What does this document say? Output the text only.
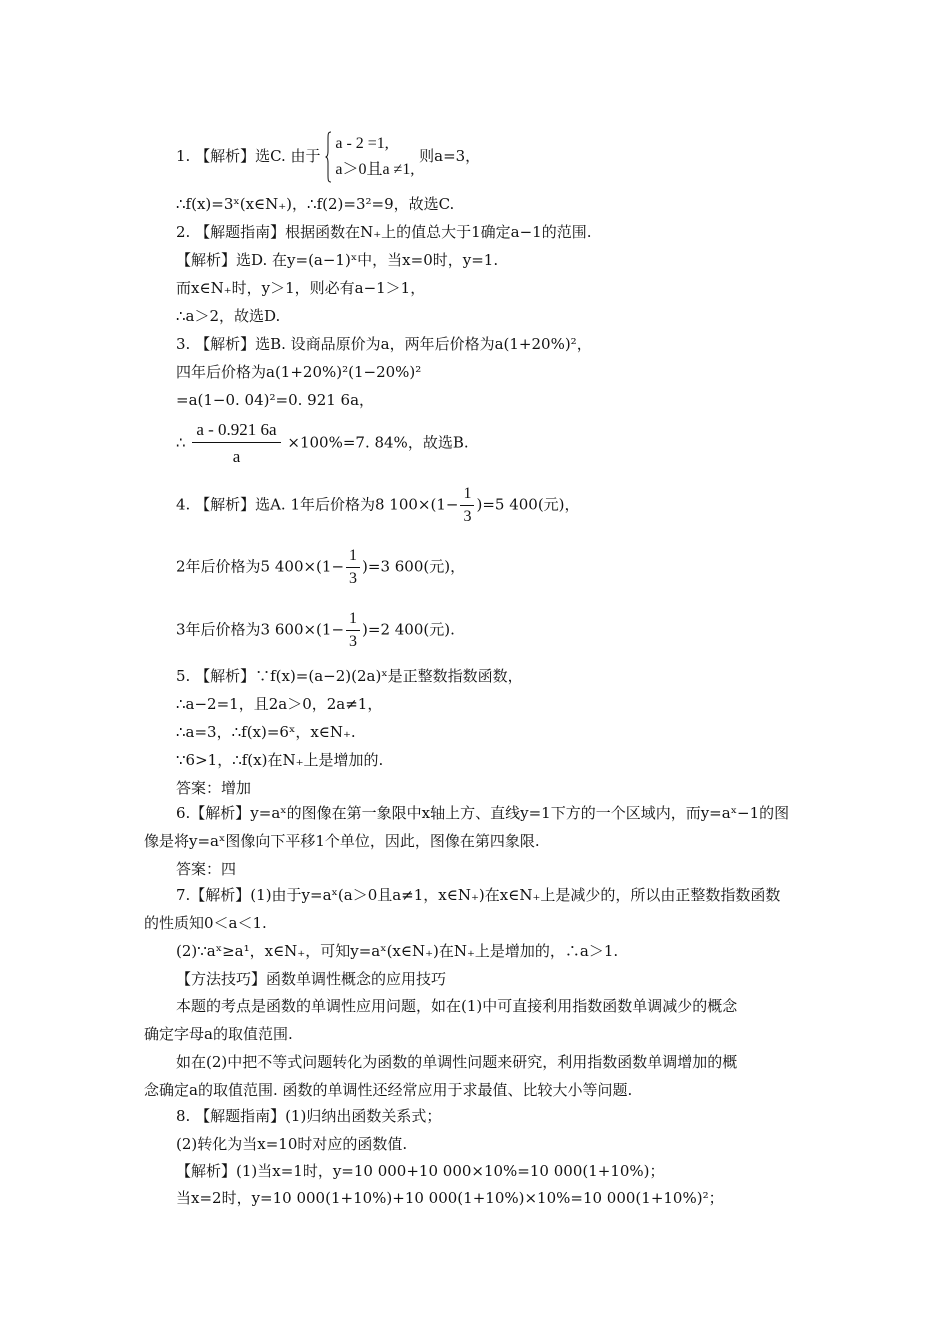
1. 【解析】选C. 由于
a - 2 =1,
a＞0且a ≠1,
则a=3，
∴f(x)=3ˣ(x∈N₊)，∴f(2)=3²=9，故选C.
2. 【解题指南】根据函数在N₊上的值总大于1确定a−1的范围.
【解析】选D. 在y=(a−1)ˣ中，当x=0时，y=1.
而x∈N₊时，y＞1，则必有a−1＞1，
∴a＞2，故选D.
3. 【解析】选B. 设商品原价为a，两年后价格为a(1+20%)²，
四年后价格为a(1+20%)²(1−20%)²
=a(1−0. 04)²=0. 921 6a，
∴ $\frac{a - 0.921 6a}{a} \times 100\%=7$. 84%，故选B.
4. 【解析】选A. 1年后价格为8 $100\times(1- \frac{1}{3} )=5$ 400(元)，
2年后价格为5 $400\times(1- \frac{1}{3} )=3$ 600(元)，
3年后价格为3 $600\times(1- \frac{1}{3} )=2$ 400(元).
5. 【解析】∵f(x)=(a−2)(2a)ˣ是正整数指数函数，
∴a−2=1，且2a＞0，2a≠1，
∴a=3，∴f(x)=6ˣ，x∈N₊.
∵6>1，∴f(x)在N₊上是增加的.
答案：增加
6.【解析】y=aˣ的图像在第一象限中x轴上方、直线y=1下方的一个区域内，而y=aˣ−1的图
像是将y=aˣ图像向下平移1个单位，因此，图像在第四象限.
答案：四
7.【解析】(1)由于y=aˣ(a＞0且a≠1，x∈N₊)在x∈N₊上是减少的，所以由正整数指数函数
的性质知0＜a＜1.
(2)∵aˣ≥a¹，x∈N₊，可知y=aˣ(x∈N₊)在N₊上是增加的，∴a＞1.
【方法技巧】函数单调性概念的应用技巧
本题的考点是函数的单调性应用问题，如在(1)中可直接利用指数函数单调减少的概念
确定字母a的取值范围.
如在(2)中把不等式问题转化为函数的单调性问题来研究，利用指数函数单调增加的概
念确定a的取值范围. 函数的单调性还经常应用于求最值、比较大小等问题.
8. 【解题指南】(1)归纳出函数关系式；
(2)转化为当x=10时对应的函数值.
【解析】(1)当x=1时，y=10 000+10 000×10%=10 000(1+10%)；
当x=2时，y=10 000(1+10%)+10 000(1+10%)×10%=10 000(1+10%)²；
